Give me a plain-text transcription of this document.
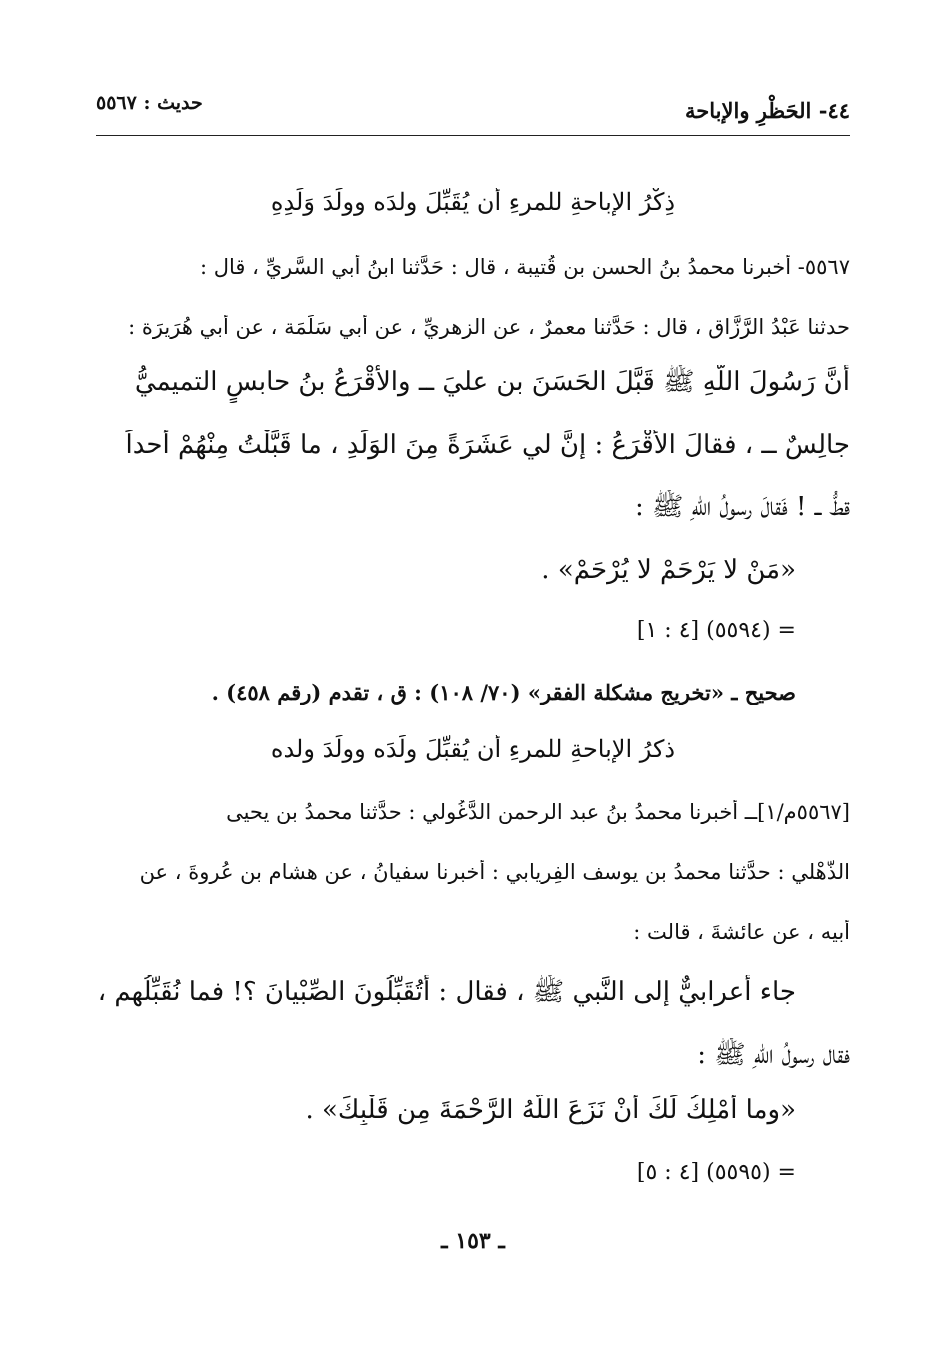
٤٤- الحَظْرِ والإباحة
حديث : ٥٥٦٧
ذِكْرُ الإباحةِ للمرءِ أن يُقَبِّلَ ولدَه وولَدَ وَلَدِهِ
٥٥٦٧- أخبرنا محمدُ بنُ الحسن بنِ قُتيبة ، قال : حَدَّثنا ابنُ أبي السَّرِيِّ ، قال :
حدثنا عَبْدُ الرَّزَّاق ، قال : حَدَّثنا معمرٌ ، عن الزهريِّ ، عن أبي سَلَمَة ، عن أبي هُرَيرَة :
أنَّ رَسُولَ اللّهِ ﷺ قَبَّلَ الحَسَنَ بن عليَ ــ والأَقْرَعُ بنُ حابسٍ التميميُّ
جالِسٌ ــ ، فقالَ الأَقْرَعُ : إنَّ لي عَشَرَةً مِنَ الوَلَدِ ، ما قَبَّلْتُ مِنْهُمْ أحداً
قطُّ ــ ! فَقالَ رسولُ اللّهِ ﷺ :
«مَنْ لا يَرْحَمْ لا يُرْحَمْ» .
= (٥٥٩٤) [٤ : ١]
صحيح ـ «تخريج مشكلة الفقر» (٧٠/ ١٠٨) : ق ، تقدم (رقم ٤٥٨) .
ذكرُ الإباحةِ للمرءِ أن يُقبِّلَ ولَدَه وولَدَ ولده
[٥٥٦٧م/١]ــ أخبرنا محمدُ بنُ عبد الرحمن الدَّغُولي : حدَّثنا محمدُ بن يحيى
الذُّهْلي : حدَّثنا محمدُ بن يوسف الفِريابي : أخبرنا سفيانُ ، عن هشام بن عُروةَ ، عن
أبيه ، عن عائشةَ ، قالت :
جاء أعرابيٌّ إلى النَّبي ﷺ ، فقال : أَتُقَبِّلُونَ الصِّبْيانَ ؟! فما نُقَبِّلُهم ،
فقال رسولُ اللّهِ ﷺ :
«وما أَمْلِكُ لَكَ أنْ نَزَعَ اللّهُ الرَّحْمَةَ مِن قَلْبِكَ» .
= (٥٥٩٥) [٤ : ٥]
ـ ١٥٣ ـ
